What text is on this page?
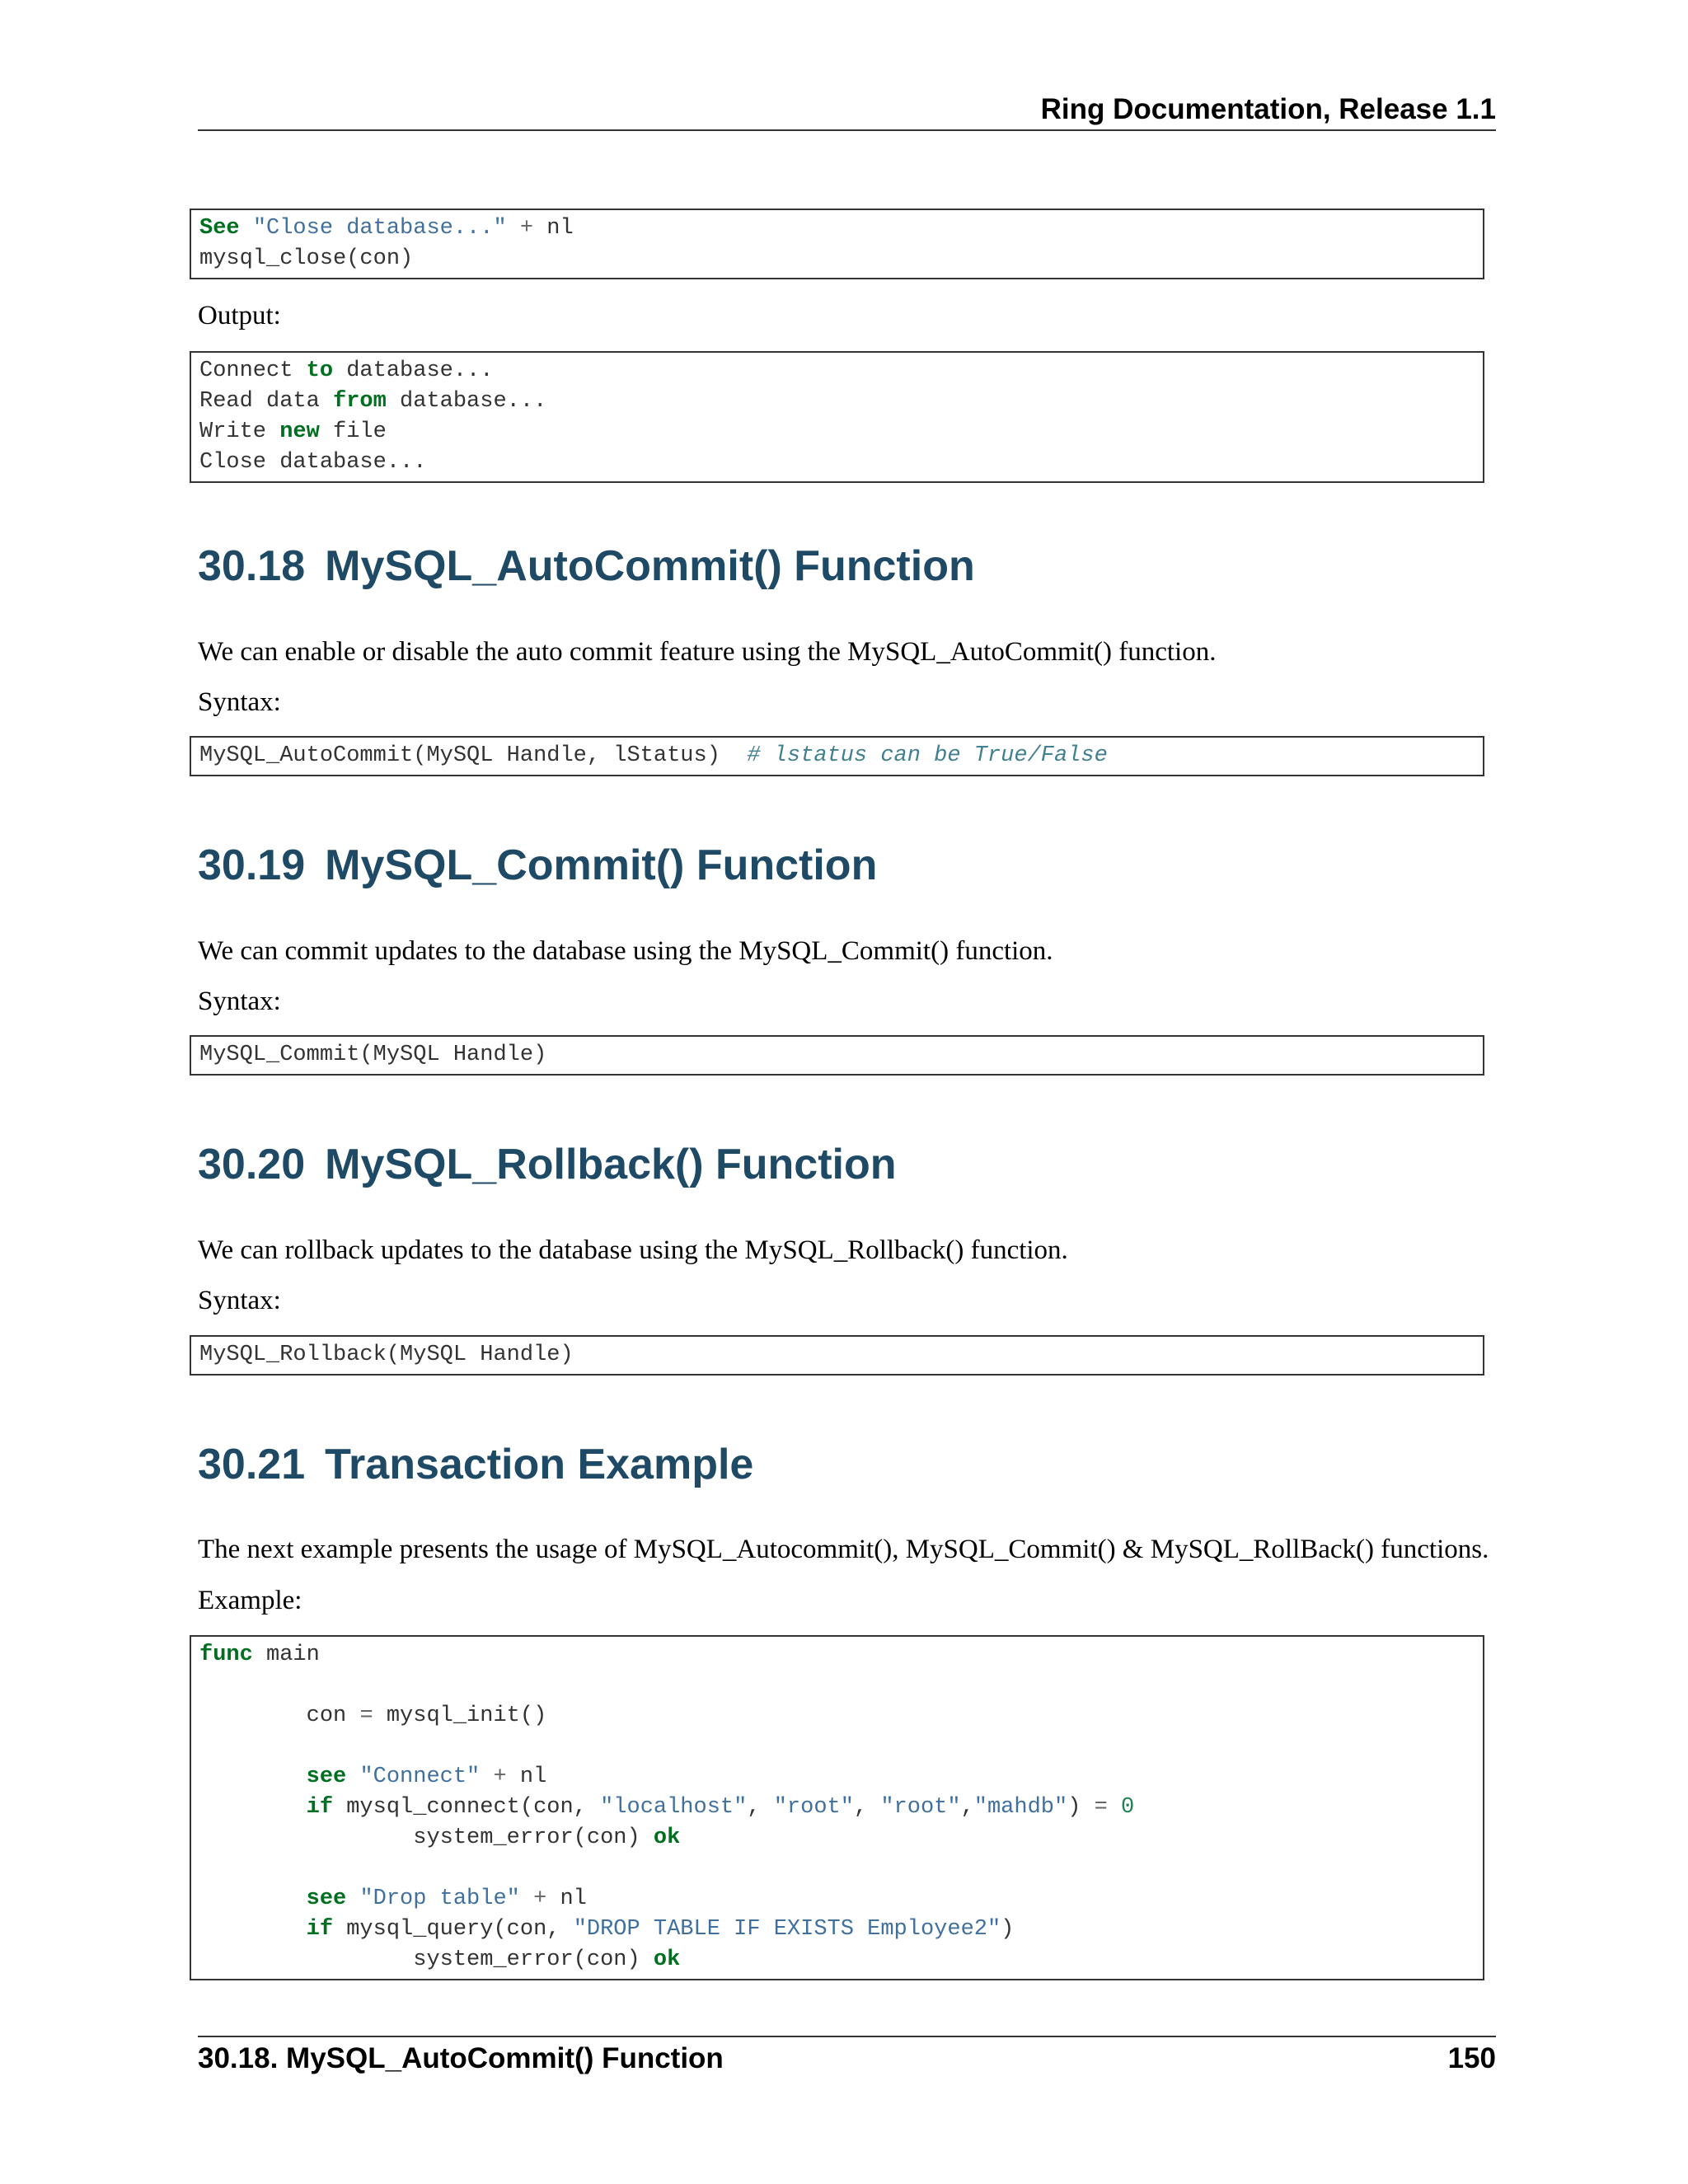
Ring Documentation, Release 1.1
See "Close database..." + nl
mysql_close(con)
Output:
Connect to database...
Read data from database...
Write new file
Close database...
30.18 MySQL_AutoCommit() Function
We can enable or disable the auto commit feature using the MySQL_AutoCommit() function.
Syntax:
MySQL_AutoCommit(MySQL Handle, lStatus)  # lstatus can be True/False
30.19 MySQL_Commit() Function
We can commit updates to the database using the MySQL_Commit() function.
Syntax:
MySQL_Commit(MySQL Handle)
30.20 MySQL_Rollback() Function
We can rollback updates to the database using the MySQL_Rollback() function.
Syntax:
MySQL_Rollback(MySQL Handle)
30.21 Transaction Example
The next example presents the usage of MySQL_Autocommit(), MySQL_Commit() & MySQL_RollBack() functions.
Example:
func main

con = mysql_init()

see "Connect" + nl
if mysql_connect(con, "localhost", "root", "root","mahdb") = 0
system_error(con) ok

see "Drop table" + nl
if mysql_query(con, "DROP TABLE IF EXISTS Employee2")
system_error(con) ok
30.18. MySQL_AutoCommit() Function	150
